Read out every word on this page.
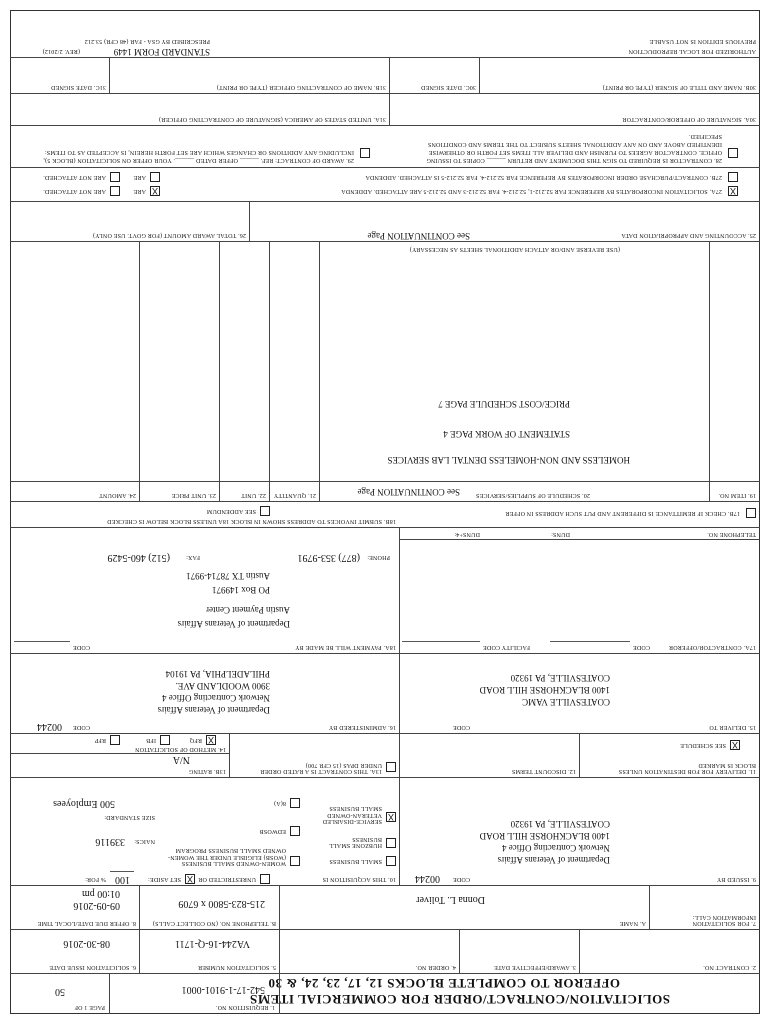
SOLICITATION/CONTRACT/ORDER FOR COMMERCIAL ITEMS
OFFEROR TO COMPLETE BLOCKS 12, 17, 23, 24, & 30
1. REQUISITION NO.
542-17-1-9101-0001
PAGE 1 OF
50
2. CONTRACT NO.
3. AWARD/EFFECTIVE DATE
4. ORDER NO.
5. SOLICITATION NUMBER
VA244-16-Q-1711
6. SOLICITATION ISSUE DATE
08-30-2016
7. FOR SOLICITATION INFORMATION CALL:
A. NAME
Donna L. Toliver
B. TELEPHONE NO. (NO COLLECT CALLS)
215-823-5800 x 6709
8. OFFER DUE DATE/LOCAL TIME
09-09-2016
01:00 pm
9. ISSUED BY
CODE
00244
Department of Veterans Affairs
Network Contracting Office 4
1400 BLACKHORSE HILL ROAD
COATESVILLE, PA 19320
10. THIS ACQUISITION IS
UNRESTRICTED OR
X
SET ASIDE:
100
% FOR:
SMALL BUSINESS
HUBZONE SMALL BUSINESS
X
SERVICE-DISABLED VETERAN-OWNED SMALL BUSINESS
WOMEN-OWNED SMALL BUSINESS (WOSB) ELIGIBLE UNDER THE WOMEN-OWNED SMALL BUSINESS PROGRAM
EDWOSB
8(A)
NAICS:
339116
SIZE STANDARD:
500 Employees
11. DELIVERY FOR FOB DESTINATION UNLESS BLOCK IS MARKED
X
SEE SCHEDULE
12. DISCOUNT TERMS
13A. THIS CONTRACT IS A RATED ORDER UNDER DPAS (15 CFR 700)
13B. RATING
N/A
14. METHOD OF SOLICITATION
X
RFQ
IFB
RFP
15. DELIVER TO
CODE
COATESVILLE VAMC
1400 BLACKHORSE HILL ROAD
COATESVILLE, PA 19320
16. ADMINISTERED BY
CODE
00244
Department of Veterans Affairs
Network Contracting Office 4
3900 WOODLAND AVE.
PHILADELPHIA, PA 19104
17A. CONTRACTOR/OFFEROR
CODE
FACILITY CODE
18A. PAYMENT WILL BE MADE BY
CODE
Department of Veterans Affairs
Austin Payment Center
PO Box 149971
Austin TX 78714-9971
PHONE:
(877) 353-9791
FAX:
(512) 460-5429
TELEPHONE NO.
DUNS:
DUNS+4:
17B. CHECK IF REMITTANCE IS DIFFERENT AND PUT SUCH ADDRESS IN OFFER
18B. SUBMIT INVOICES TO ADDRESS SHOWN IN BLOCK 18A UNLESS BLOCK BELOW IS CHECKED
SEE ADDENDUM
19. ITEM NO.
20. SCHEDULE OF SUPPLIES/SERVICES
See CONTINUATION Page
21. QUANTITY
22. UNIT
23. UNIT PRICE
24. AMOUNT
HOMELESS AND NON-HOMELESS DENTAL LAB SERVICES
STATEMENT OF WORK PAGE 4
PRICE/COST SCHEDULE PAGE 7
(USE REVERSE AND/OR ATTACH ADDITIONAL SHEETS AS NECESSARY)
25. ACCOUNTING AND APPROPRIATION DATA
See CONTINUATION Page
26. TOTAL AWARD AMOUNT (FOR GOVT. USE ONLY)
X
27A. SOLICITATION INCORPORATES BY REFERENCE FAR 52.212-1, 52.212-4. FAR 52.212-3 AND 52.212-5 ARE ATTACHED. ADDENDA
X
ARE
ARE NOT ATTACHED.
27B. CONTRACT/PURCHASE ORDER INCORPORATES BY REFERENCE FAR 52.212-4. FAR 52.212-5 IS ATTACHED. ADDENDA
ARE
ARE NOT ATTACHED.
28. CONTRACTOR IS REQUIRED TO SIGN THIS DOCUMENT AND RETURN ______ COPIES TO ISSUING OFFICE. CONTRACTOR AGREES TO FURNISH AND DELIVER ALL ITEMS SET FORTH OR OTHERWISE IDENTIFIED ABOVE AND ON ANY ADDITIONAL SHEETS SUBJECT TO THE TERMS AND CONDITIONS SPECIFIED.
29. AWARD OF CONTRACT: REF. ______ OFFER DATED ______. YOUR OFFER ON SOLICITATION (BLOCK 5), INCLUDING ANY ADDITIONS OR CHANGES WHICH ARE SET FORTH HEREIN, IS ACCEPTED AS TO ITEMS:
30A. SIGNATURE OF OFFEROR/CONTRACTOR
31A. UNITED STATES OF AMERICA (SIGNATURE OF CONTRACTING OFFICER)
30B. NAME AND TITLE OF SIGNER (TYPE OR PRINT)
30C. DATE SIGNED
31B. NAME OF CONTRACTING OFFICER (TYPE OR PRINT)
31C. DATE SIGNED
AUTHORIZED FOR LOCAL REPRODUCTION
PREVIOUS EDITION IS NOT USABLE
STANDARD FORM 1449
(REV. 2/2012)
PRESCRIBED BY GSA - FAR (48 CFR) 53.212
